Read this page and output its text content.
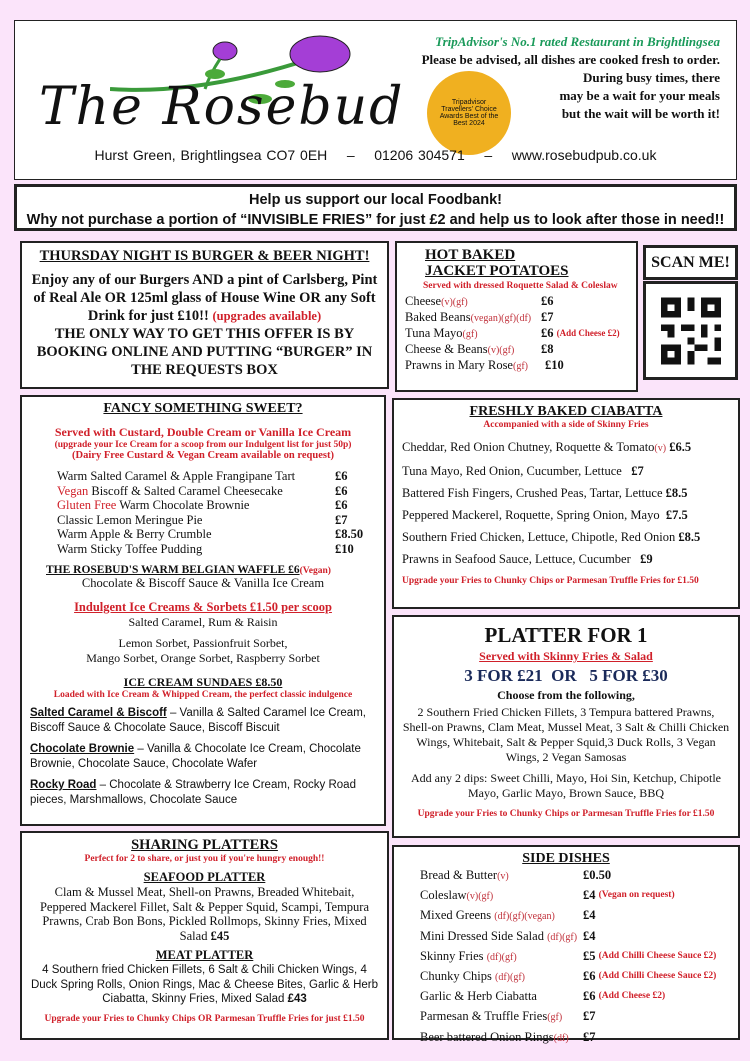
The Rosebud	Tripadvisor Travellers' Choice Awards Best of the Best 2024
TripAdvisor's No.1 rated Restaurant in Brightlingsea
Please be advised, all dishes are cooked fresh to order.
During busy times, there
may be a wait for your meals
but the wait will be worth it!
Hurst Green, Brightlingsea CO7 0EH – 01206 304571 – www.rosebudpub.co.uk
Help us support our local Foodbank!
Why not purchase a portion of “INVISIBLE FRIES” for just £2 and help us to look after those in need!!
THURSDAY NIGHT IS BURGER & BEER NIGHT!
Enjoy any of our Burgers AND a pint of Carlsberg, Pint of Real Ale OR 125ml glass of House Wine OR any Soft Drink for just £10!! (upgrades available)
THE ONLY WAY TO GET THIS OFFER IS BY BOOKING ONLINE AND PUTTING “BURGER” IN THE REQUESTS BOX
HOT BAKED
JACKET POTATOES
Served with dressed Roquette Salad & Coleslaw
Cheese(v)(gf)	£6
Baked Beans(vegan)(gf)(df) £7
Tuna Mayo(gf)	£6
(Add Cheese £2)
Cheese & Beans(v)(gf)	£8
Prawns in Mary Rose(gf)	£10
SCAN ME!
FANCY SOMETHING SWEET?
Served with Custard, Double Cream or Vanilla Ice Cream
(upgrade your Ice Cream for a scoop from our Indulgent list for just 50p)
(Dairy Free Custard & Vegan Cream available on request)
Warm Salted Caramel & Apple Frangipane Tart	£6
Vegan Biscoff & Salted Caramel Cheesecake	£6
Gluten Free Warm Chocolate Brownie	£6
Classic Lemon Meringue Pie	£7
Warm Apple & Berry Crumble	£8.50
Warm Sticky Toffee Pudding	£10
THE ROSEBUD'S WARM BELGIAN WAFFLE £6(Vegan)
Chocolate & Biscoff Sauce & Vanilla Ice Cream
Indulgent Ice Creams & Sorbets £1.50 per scoop
Salted Caramel, Rum & Raisin
Lemon Sorbet, Passionfruit Sorbet,
Mango Sorbet, Orange Sorbet, Raspberry Sorbet
ICE CREAM SUNDAES £8.50
Loaded with Ice Cream & Whipped Cream, the perfect classic indulgence
Salted Caramel & Biscoff – Vanilla & Salted Caramel Ice Cream, Biscoff Sauce & Chocolate Sauce, Biscoff Biscuit
Chocolate Brownie – Vanilla & Chocolate Ice Cream, Chocolate Brownie, Chocolate Sauce, Chocolate Wafer
Rocky Road – Chocolate & Strawberry Ice Cream, Rocky Road pieces, Marshmallows, Chocolate Sauce
FRESHLY BAKED CIABATTA
Accompanied with a side of Skinny Fries
Cheddar, Red Onion Chutney, Roquette & Tomato(v) £6.5
Tuna Mayo, Red Onion, Cucumber, Lettuce £7
Battered Fish Fingers, Crushed Peas, Tartar, Lettuce £8.5
Peppered Mackerel, Roquette, Spring Onion, Mayo £7.5
Southern Fried Chicken, Lettuce, Chipotle, Red Onion £8.5
Prawns in Seafood Sauce, Lettuce, Cucumber £9
Upgrade your Fries to Chunky Chips or Parmesan Truffle Fries for £1.50
PLATTER FOR 1
Served with Skinny Fries & Salad
3 FOR £21  OR   5 FOR £30
Choose from the following,
2 Southern Fried Chicken Fillets, 3 Tempura battered Prawns, Shell-on Prawns, Clam Meat, Mussel Meat, 3 Salt & Chilli Chicken Wings, Whitebait, Salt & Pepper Squid,3 Duck Rolls, 3 Vegan Wings, 2 Vegan Samosas
Add any 2 dips: Sweet Chilli, Mayo, Hoi Sin, Ketchup, Chipotle Mayo, Garlic Mayo, Brown Sauce, BBQ
Upgrade your Fries to Chunky Chips or Parmesan Truffle Fries for £1.50
SHARING PLATTERS
Perfect for 2 to share, or just you if you're hungry enough!!
SEAFOOD PLATTER
Clam & Mussel Meat, Shell-on Prawns, Breaded Whitebait, Peppered Mackerel Fillet, Salt & Pepper Squid, Scampi, Tempura Prawns, Crab Bon Bons, Pickled Rollmops, Skinny Fries, Mixed Salad £45
MEAT PLATTER
4 Southern fried Chicken Fillets, 6 Salt & Chili Chicken Wings, 4 Duck Spring Rolls, Onion Rings, Mac & Cheese Bites, Garlic & Herb Ciabatta, Skinny Fries, Mixed Salad £43
Upgrade your Fries to Chunky Chips OR Parmesan Truffle Fries for just £1.50
SIDE DISHES
Bread & Butter(v)	£0.50
Coleslaw(v)(gf)	£4
(Vegan on request)
Mixed Greens (df)(gf)(vegan)	£4
Mini Dressed Side Salad (df)(gf) £4
Skinny Fries (df)(gf)	£5
(Add Chilli Cheese Sauce £2)
Chunky Chips (df)(gf)	£6
(Add Chilli Cheese Sauce £2)
Garlic & Herb Ciabatta	£6
(Add Cheese £2)
Parmesan & Truffle Fries(gf)	£7
Beer battered Onion Rings(df)	£7
